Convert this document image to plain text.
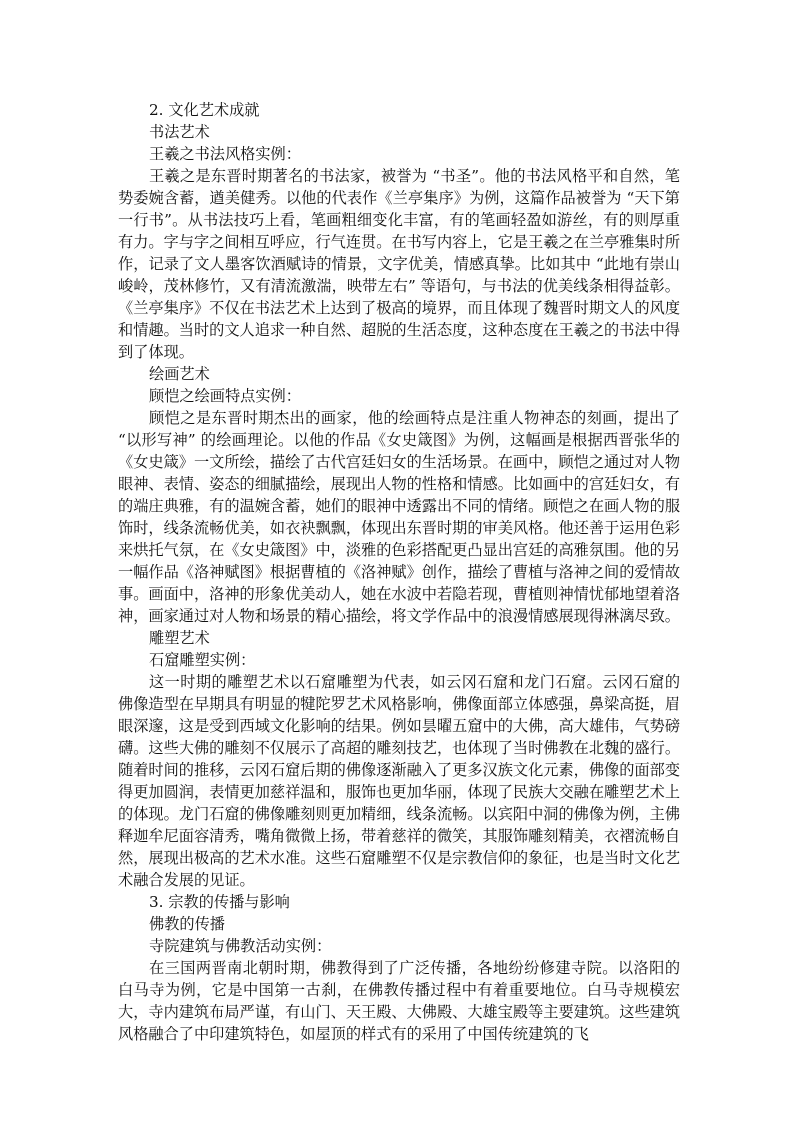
2. 文化艺术成就

书法艺术

王羲之书法风格实例：

王羲之是东晋时期著名的书法家，被誉为 “书圣”。他的书法风格平和自然，笔势委婉含蓄，遒美健秀。以他的代表作《兰亭集序》为例，这篇作品被誉为 “天下第一行书”。从书法技巧上看，笔画粗细变化丰富，有的笔画轻盈如游丝，有的则厚重有力。字与字之间相互呼应，行气连贯。在书写内容上，它是王羲之在兰亭雅集时所作，记录了文人墨客饮酒赋诗的情景，文字优美，情感真挚。比如其中 “此地有崇山峻岭，茂林修竹，又有清流激湍，映带左右” 等语句，与书法的优美线条相得益彰。《兰亭集序》不仅在书法艺术上达到了极高的境界，而且体现了魏晋时期文人的风度和情趣。当时的文人追求一种自然、超脱的生活态度，这种态度在王羲之的书法中得到了体现。

绘画艺术

顾恺之绘画特点实例：

顾恺之是东晋时期杰出的画家，他的绘画特点是注重人物神态的刻画，提出了 “以形写神” 的绘画理论。以他的作品《女史箴图》为例，这幅画是根据西晋张华的《女史箴》一文所绘，描绘了古代宫廷妇女的生活场景。在画中，顾恺之通过对人物眼神、表情、姿态的细腻描绘，展现出人物的性格和情感。比如画中的宫廷妇女，有的端庄典雅，有的温婉含蓄，她们的眼神中透露出不同的情绪。顾恺之在画人物的服饰时，线条流畅优美，如衣袂飘飘，体现出东晋时期的审美风格。他还善于运用色彩来烘托气氛，在《女史箴图》中，淡雅的色彩搭配更凸显出宫廷的高雅氛围。他的另一幅作品《洛神赋图》根据曹植的《洛神赋》创作，描绘了曹植与洛神之间的爱情故事。画面中，洛神的形象优美动人，她在水波中若隐若现，曹植则神情忧郁地望着洛神，画家通过对人物和场景的精心描绘，将文学作品中的浪漫情感展现得淋漓尽致。

雕塑艺术

石窟雕塑实例：

这一时期的雕塑艺术以石窟雕塑为代表，如云冈石窟和龙门石窟。云冈石窟的佛像造型在早期具有明显的犍陀罗艺术风格影响，佛像面部立体感强，鼻梁高挺，眉眼深邃，这是受到西域文化影响的结果。例如昙曜五窟中的大佛，高大雄伟，气势磅礴。这些大佛的雕刻不仅展示了高超的雕刻技艺，也体现了当时佛教在北魏的盛行。随着时间的推移，云冈石窟后期的佛像逐渐融入了更多汉族文化元素，佛像的面部变得更加圆润，表情更加慈祥温和，服饰也更加华丽，体现了民族大交融在雕塑艺术上的体现。龙门石窟的佛像雕刻则更加精细，线条流畅。以宾阳中洞的佛像为例，主佛释迦牟尼面容清秀，嘴角微微上扬，带着慈祥的微笑，其服饰雕刻精美，衣褶流畅自然，展现出极高的艺术水准。这些石窟雕塑不仅是宗教信仰的象征，也是当时文化艺术融合发展的见证。

3. 宗教的传播与影响

佛教的传播

寺院建筑与佛教活动实例：

在三国两晋南北朝时期，佛教得到了广泛传播，各地纷纷修建寺院。以洛阳的白马寺为例，它是中国第一古刹，在佛教传播过程中有着重要地位。白马寺规模宏大，寺内建筑布局严谨，有山门、天王殿、大佛殿、大雄宝殿等主要建筑。这些建筑风格融合了中印建筑特色，如屋顶的样式有的采用了中国传统建筑的飞
